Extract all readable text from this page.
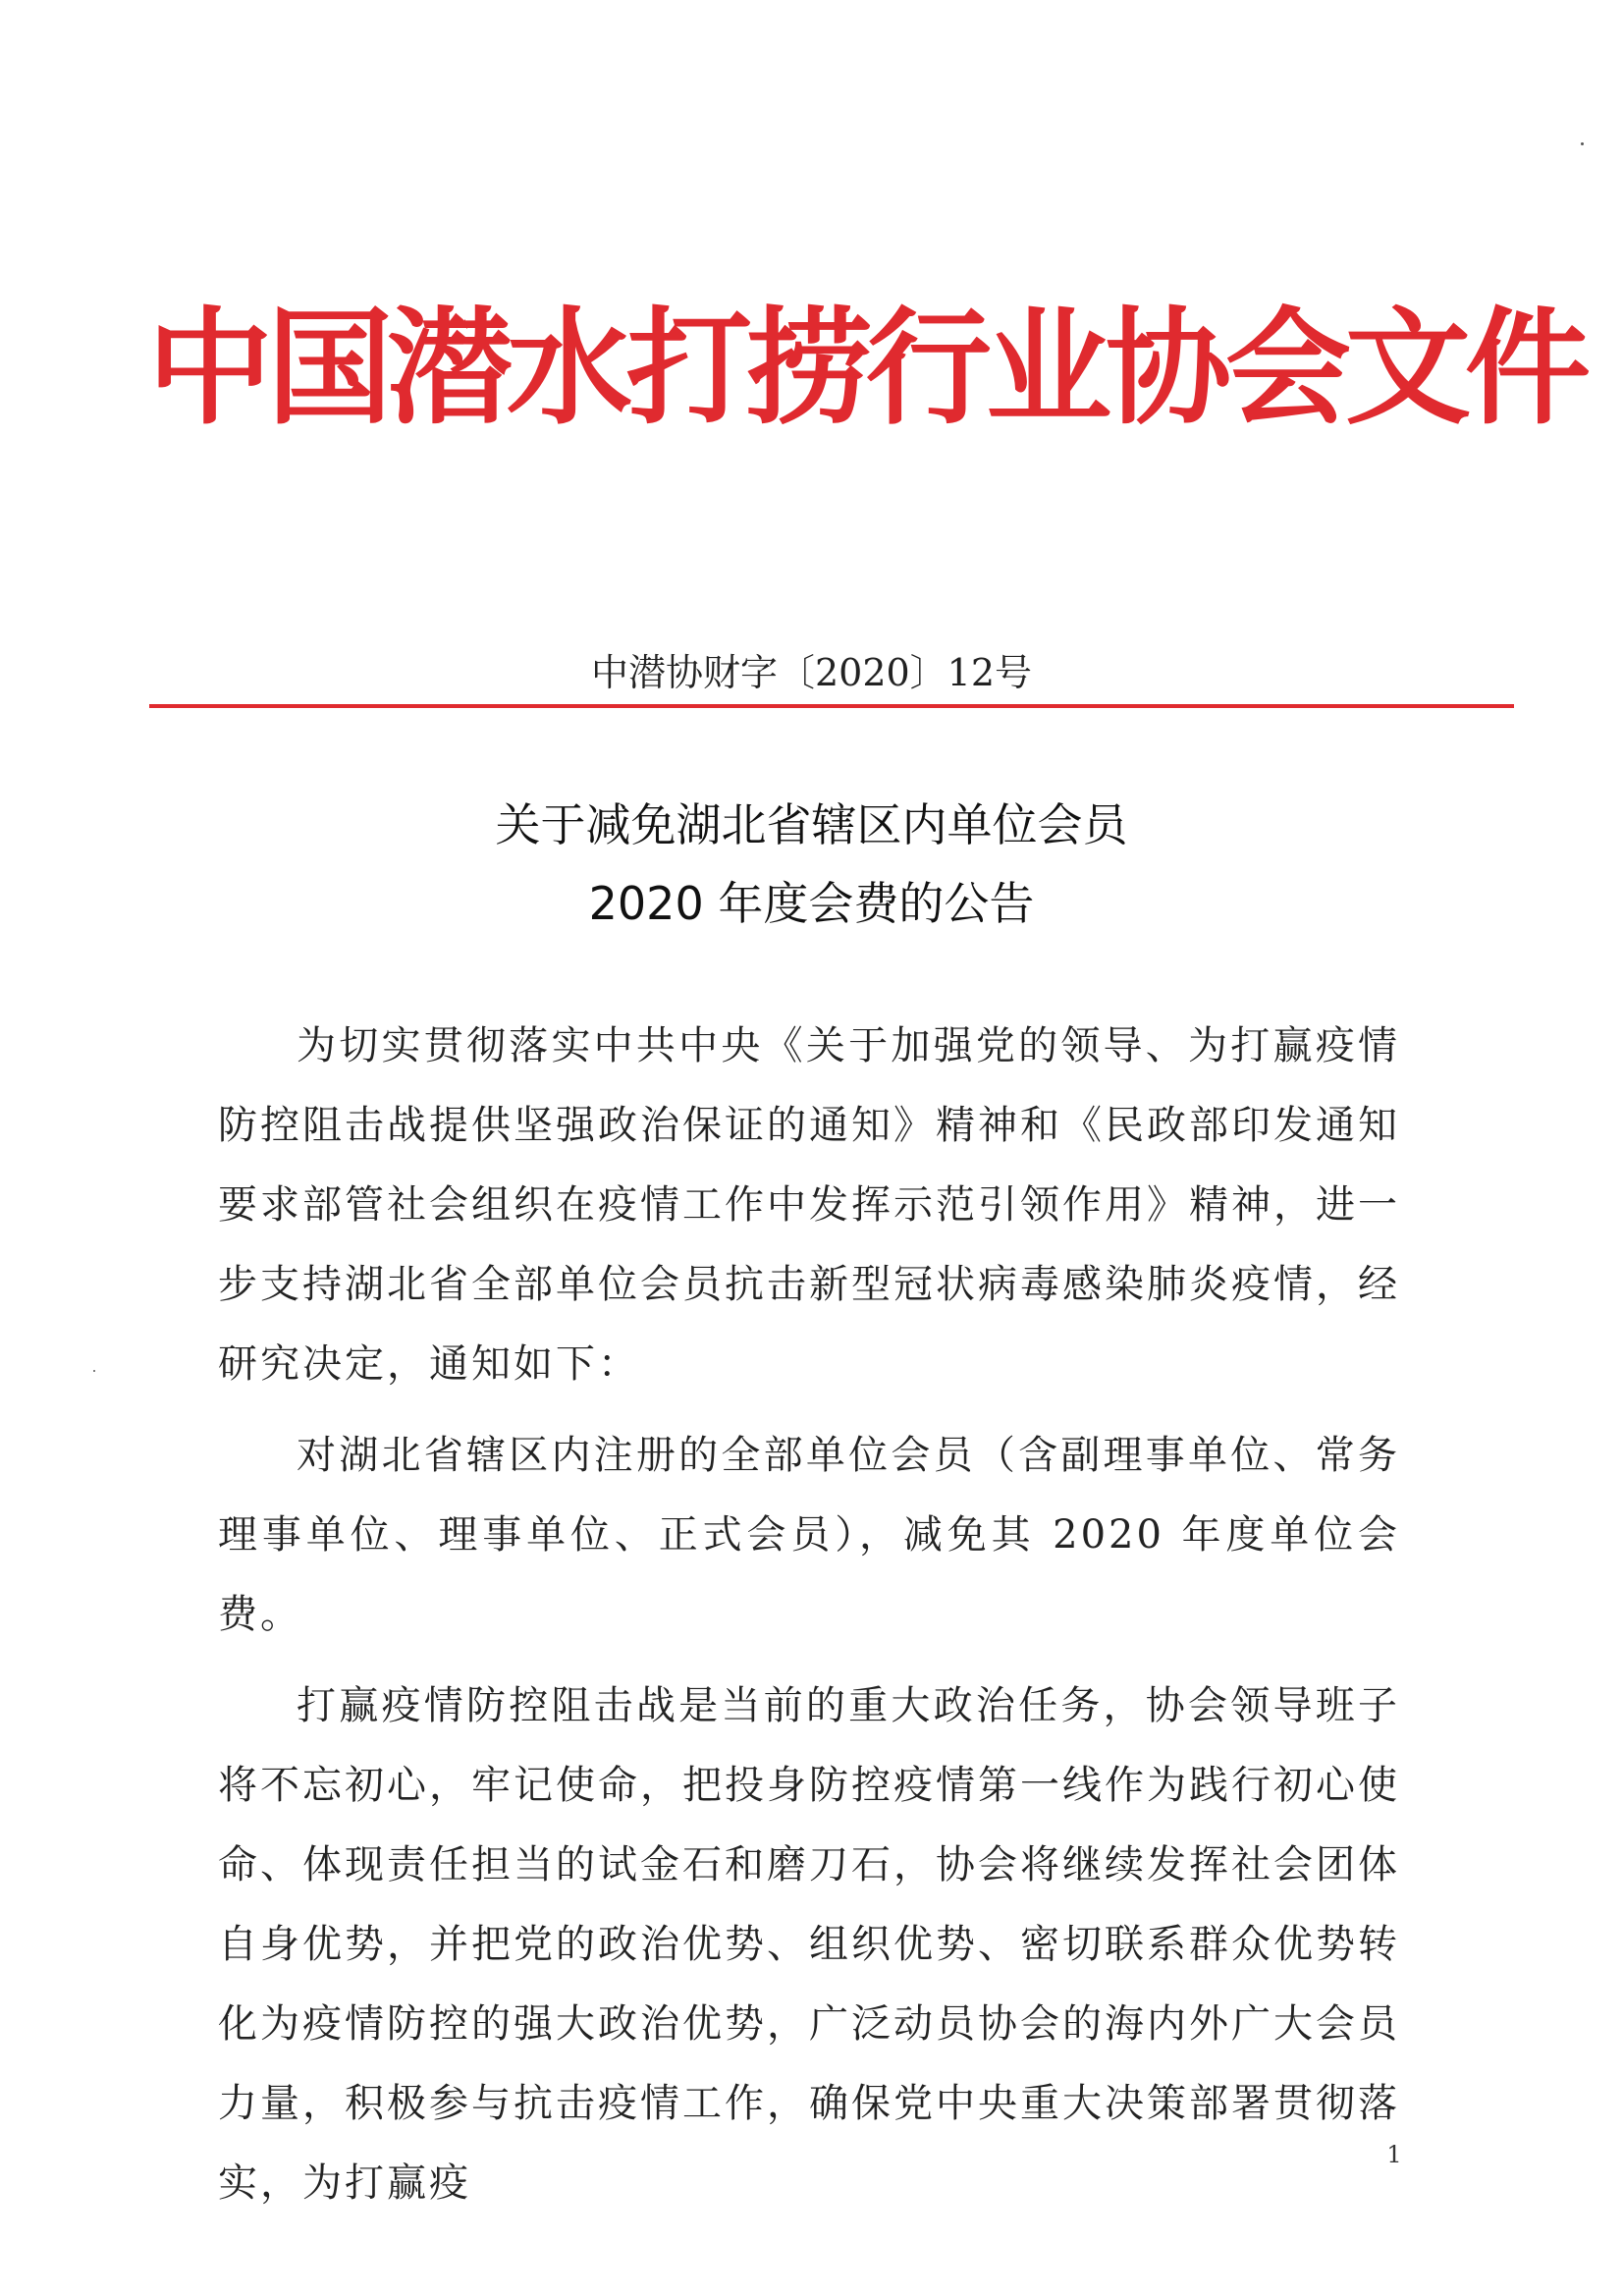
中国潜水打捞行业协会文件
中潜协财字〔2020〕12号
关于减免湖北省辖区内单位会员
2020 年度会费的公告

为切实贯彻落实中共中央《关于加强党的领导、为打赢疫情防控阻击战提供坚强政治保证的通知》精神和《民政部印发通知要求部管社会组织在疫情工作中发挥示范引领作用》精神，进一步支持湖北省全部单位会员抗击新型冠状病毒感染肺炎疫情，经研究决定，通知如下：

对湖北省辖区内注册的全部单位会员（含副理事单位、常务理事单位、理事单位、正式会员），减免其 2020 年度单位会费。

打赢疫情防控阻击战是当前的重大政治任务，协会领导班子将不忘初心，牢记使命，把投身防控疫情第一线作为践行初心使命、体现责任担当的试金石和磨刀石，协会将继续发挥社会团体自身优势，并把党的政治优势、组织优势、密切联系群众优势转化为疫情防控的强大政治优势，广泛动员协会的海内外广大会员力量，积极参与抗击疫情工作，确保党中央重大决策部署贯彻落实，为打赢疫

1
